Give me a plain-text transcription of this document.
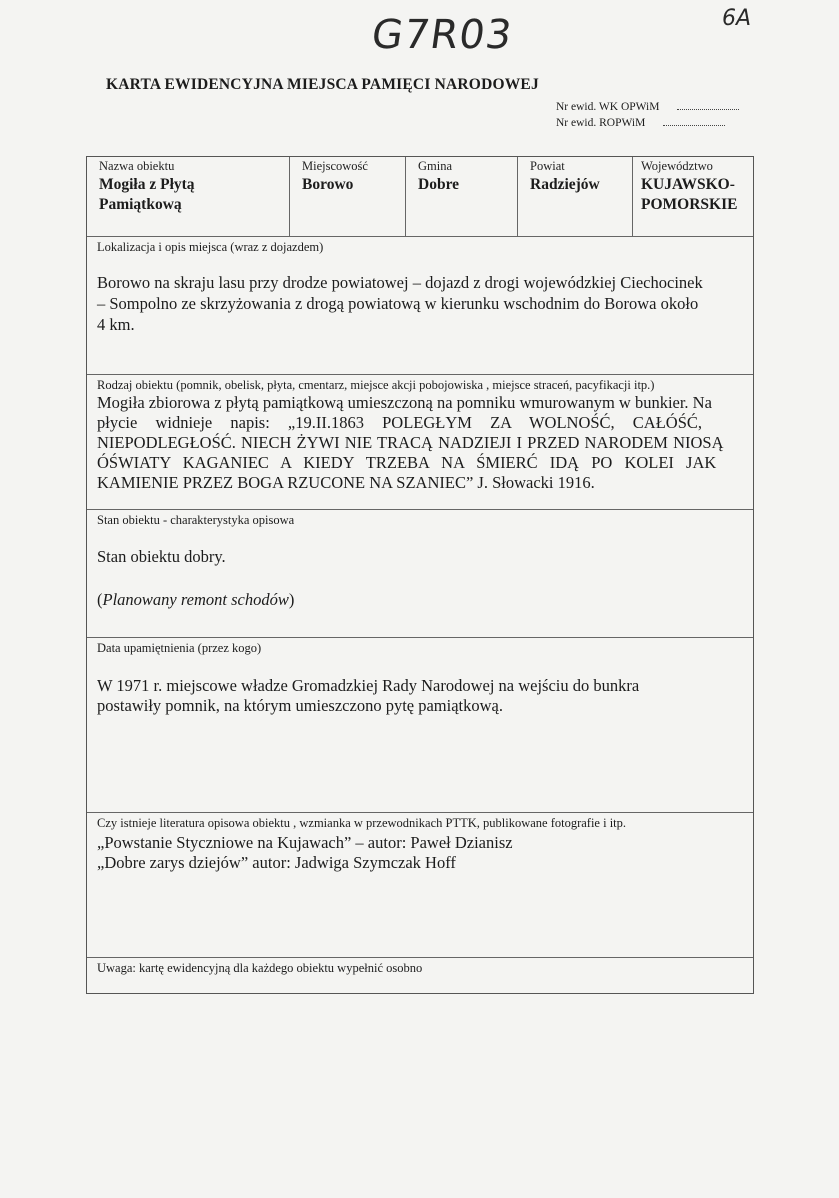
G7R03	6A
KARTA EWIDENCYJNA MIEJSCA PAMIĘCI NARODOWEJ
Nr ewid. WK OPWiM
Nr ewid. ROPWiM
Nazwa obiektu
Mogiła z Płytą
Pamiątkową
Miejscowość
Borowo
Gmina
Dobre
Powiat
Radziejów
Województwo
KUJAWSKO-
POMORSKIE
Lokalizacja i opis miejsca (wraz z dojazdem)
Borowo na skraju lasu przy drodze powiatowej – dojazd z drogi wojewódzkiej Ciechocinek
– Sompolno ze skrzyżowania z drogą powiatową w kierunku wschodnim do Borowa około
4 km.
Rodzaj obiektu (pomnik, obelisk, płyta, cmentarz, miejsce akcji pobojowiska , miejsce straceń, pacyfikacji itp.)
Mogiła zbiorowa z płytą pamiątkową umieszczoną na pomniku wmurowanym w bunkier. Na
płycie widnieje napis: „19.II.1863 POLEGŁYM ZA WOLNOŚĆ, CAŁÓŚĆ,
NIEPODLEGŁOŚĆ. NIECH ŻYWI NIE TRACĄ NADZIEJI I PRZED NARODEM NIOSĄ
ÓŚWIATY KAGANIEC A KIEDY TRZEBA NA ŚMIERĆ IDĄ PO KOLEI JAK
KAMIENIE PRZEZ BOGA RZUCONE NA SZANIEC” J. Słowacki 1916.
Stan obiektu - charakterystyka opisowa
Stan obiektu dobry.
(Planowany remont schodów)
Data upamiętnienia (przez kogo)
W 1971 r. miejscowe władze Gromadzkiej Rady Narodowej na wejściu do bunkra
postawiły pomnik, na którym umieszczono pytę pamiątkową.
Czy istnieje literatura opisowa obiektu , wzmianka w przewodnikach PTTK, publikowane fotografie i itp.
„Powstanie Styczniowe na Kujawach” – autor: Paweł Dzianisz
„Dobre zarys dziejów” autor: Jadwiga Szymczak Hoff
Uwaga: kartę ewidencyjną dla każdego obiektu wypełnić osobno
